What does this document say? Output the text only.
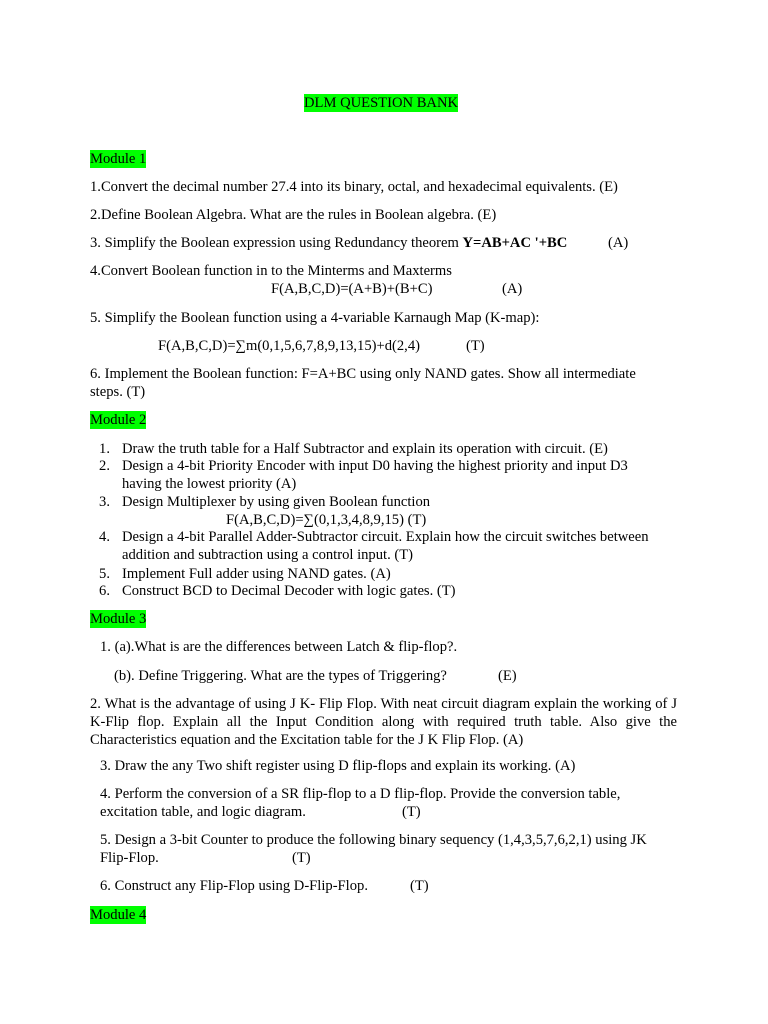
DLM QUESTION BANK
Module 1
1.Convert the decimal number 27.4 into its binary, octal, and hexadecimal equivalents. (E)
2.Define Boolean Algebra. What are the rules in Boolean algebra. (E)
3. Simplify the Boolean expression using Redundancy theorem Y=AB+AC '+BC	(A)
4.Convert Boolean function in to the Minterms and Maxterms
F(A,B,C,D)=(A+B)+(B+C)	(A)
5. Simplify the Boolean function using a 4-variable Karnaugh Map (K-map):
F(A,B,C,D)=∑m(0,1,5,6,7,8,9,13,15)+d(2,4)	(T)
6. Implement the Boolean function: F=A+BC using only NAND gates. Show all intermediate
steps. (T)
Module 2
1. Draw the truth table for a Half Subtractor and explain its operation with circuit. (E)
2. Design a 4-bit Priority Encoder with input D0 having the highest priority and input D3
having the lowest priority (A)
3. Design Multiplexer by using given Boolean function
F(A,B,C,D)=∑(0,1,3,4,8,9,15) (T)
4. Design a 4-bit Parallel Adder-Subtractor circuit. Explain how the circuit switches between
addition and subtraction using a control input. (T)
5. Implement Full adder using NAND gates. (A)
6. Construct BCD to Decimal Decoder with logic gates. (T)
Module 3
1. (a).What is are the differences between Latch & flip-flop?.
(b). Define Triggering. What are the types of Triggering?	(E)
2. What is the advantage of using J K- Flip Flop. With neat circuit diagram explain the working of J K-Flip flop. Explain all the Input Condition along with required truth table. Also give the Characteristics equation and the Excitation table for the J K Flip Flop. (A)
3. Draw the any Two shift register using D flip-flops and explain its working. (A)
4. Perform the conversion of a SR flip-flop to a D flip-flop. Provide the conversion table,
excitation table, and logic diagram.	(T)
5. Design a 3-bit Counter to produce the following binary sequency (1,4,3,5,7,6,2,1) using JK
Flip-Flop.	(T)
6. Construct any Flip-Flop using D-Flip-Flop.	(T)
Module 4
